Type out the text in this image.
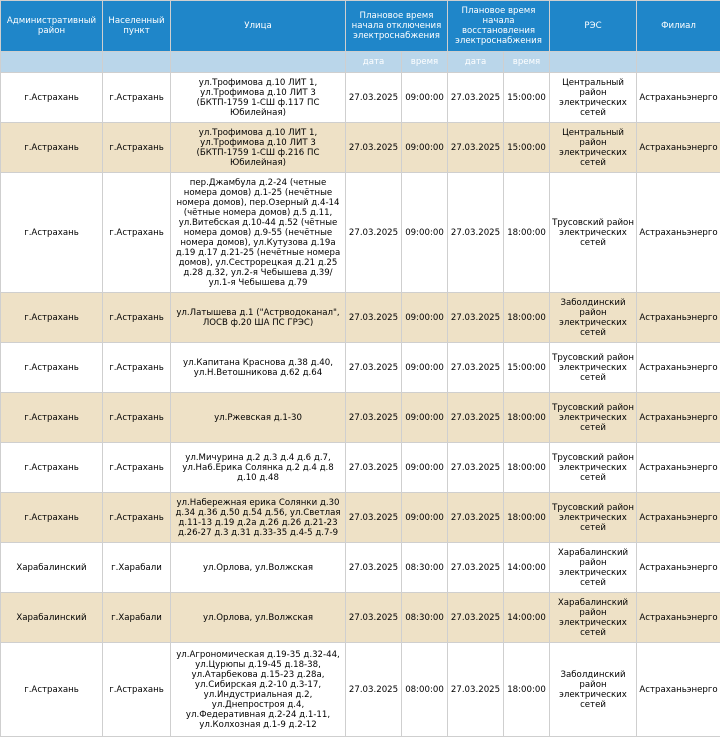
Административный район	Населенный пункт	Улица	Плановое время начала отключения электроснабжения		Плановое время начала восстановления электроснабжения		РЭС	Филиал
			дата	время	дата	время		
г.Астрахань	г.Астрахань	ул.Трофимова д.10 ЛИТ 1, ул.Трофимова д.10 ЛИТ 3 (БКТП-1759 1-СШ ф.117 ПС Юбилейная)	27.03.2025	09:00:00	27.03.2025	15:00:00	Центральный район электрических сетей	Астраханьэнерго
г.Астрахань	г.Астрахань	ул.Трофимова д.10 ЛИТ 1, ул.Трофимова д.10 ЛИТ 3 (БКТП-1759 1-СШ ф.216 ПС Юбилейная)	27.03.2025	09:00:00	27.03.2025	15:00:00	Центральный район электрических сетей	Астраханьэнерго
г.Астрахань	г.Астрахань	пер.Джамбула д.2-24 (четные номера домов) д.1-25 (нечётные номера домов), пер.Озерный д.4-14 (чётные номера домов) д.5 д.11, ул.Витебская д.10-44 д.52 (чётные номера домов) д.9-55 (нечётные номера домов), ул.Кутузова д.19а д.19 д.17 д.21-25 (нечётные номера домов), ул.Сестрорецкая д.21 д.25 д.28 д.32, ул.2-я Чебышева д.39/ ул.1-я Чебышева д.79	27.03.2025	09:00:00	27.03.2025	18:00:00	Трусовский район электрических сетей	Астраханьэнерго
г.Астрахань	г.Астрахань	ул.Латышева д.1 ("Астрводоканал", ЛОСВ ф.20 ША ПС ГРЭС)	27.03.2025	09:00:00	27.03.2025	18:00:00	Заболдинский район электрических сетей	Астраханьэнерго
г.Астрахань	г.Астрахань	ул.Капитана Краснова д.38 д.40, ул.Н.Ветошникова д.62 д.64	27.03.2025	09:00:00	27.03.2025	15:00:00	Трусовский район электрических сетей	Астраханьэнерго
г.Астрахань	г.Астрахань	ул.Ржевская д.1-30	27.03.2025	09:00:00	27.03.2025	18:00:00	Трусовский район электрических сетей	Астраханьэнерго
г.Астрахань	г.Астрахань	ул.Мичурина д.2 д.3 д.4 д.6 д.7, ул.На6.Ерика Солянка д.2 д.4 д.8 д.10 д.48	27.03.2025	09:00:00	27.03.2025	18:00:00	Трусовский район электрических сетей	Астраханьэнерго
г.Астрахань	г.Астрахань	ул.Набережная ерика Солянки д.30 д.34 д.36 д.50 д.54 д.56, ул.Светлая д.11-13 д.19 д.2а д.26 д.26 д.21-23 д.26-27 д.3 д.31 д.33-35 д.4-5 д.7-9	27.03.2025	09:00:00	27.03.2025	18:00:00	Трусовский район электрических сетей	Астраханьэнерго
Харабалинский	г.Харабали	ул.Орлова, ул.Волжская	27.03.2025	08:30:00	27.03.2025	14:00:00	Харабалинский район электрических сетей	Астраханьэнерго
Харабалинский	г.Харабали	ул.Орлова, ул.Волжская	27.03.2025	08:30:00	27.03.2025	14:00:00	Харабалинский район электрических сетей	Астраханьэнерго
г.Астрахань	г.Астрахань	ул.Агрономическая д.19-35 д.32-44, ул.Цурюпы д.19-45 д.18-38, ул.Атарбекова д.15-23 д.28а, ул.Сибирская д.2-10 д.3-17, ул.Индустриальная д.2, ул.Днепростроя д.4, ул.Федеративная д.2-24 д.1-11, ул.Колхозная д.1-9 д.2-12	27.03.2025	08:00:00	27.03.2025	18:00:00	Заболдинский район электрических сетей	Астраханьэнерго
